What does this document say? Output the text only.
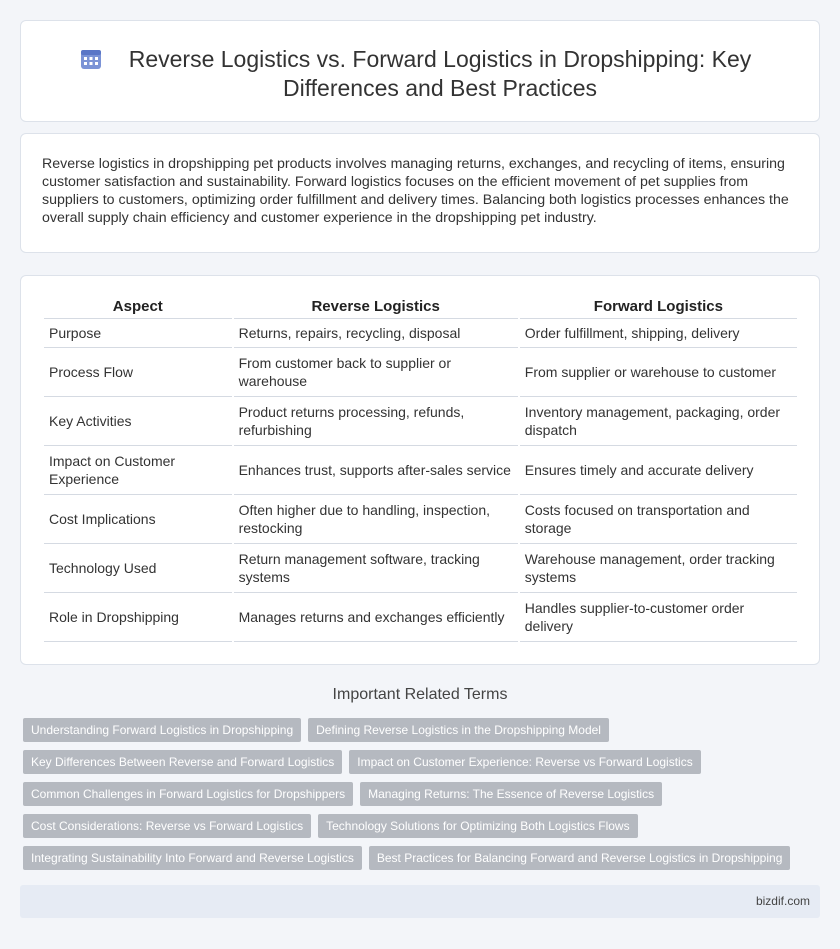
Reverse Logistics vs. Forward Logistics in Dropshipping: Key Differences and Best Practices

Reverse logistics in dropshipping pet products involves managing returns, exchanges, and recycling of items, ensuring customer satisfaction and sustainability. Forward logistics focuses on the efficient movement of pet supplies from suppliers to customers, optimizing order fulfillment and delivery times. Balancing both logistics processes enhances the overall supply chain efficiency and customer experience in the dropshipping pet industry.

Aspect	Reverse Logistics	Forward Logistics
Purpose	Returns, repairs, recycling, disposal	Order fulfillment, shipping, delivery
Process Flow	From customer back to supplier or warehouse	From supplier or warehouse to customer
Key Activities	Product returns processing, refunds, refurbishing	Inventory management, packaging, order dispatch
Impact on Customer Experience	Enhances trust, supports after-sales service	Ensures timely and accurate delivery
Cost Implications	Often higher due to handling, inspection, restocking	Costs focused on transportation and storage
Technology Used	Return management software, tracking systems	Warehouse management, order tracking systems
Role in Dropshipping	Manages returns and exchanges efficiently	Handles supplier-to-customer order delivery
Important Related Terms
Understanding Forward Logistics in Dropshipping	Defining Reverse Logistics in the Dropshipping Model
Key Differences Between Reverse and Forward Logistics	Impact on Customer Experience: Reverse vs Forward Logistics
Common Challenges in Forward Logistics for Dropshippers	Managing Returns: The Essence of Reverse Logistics
Cost Considerations: Reverse vs Forward Logistics	Technology Solutions for Optimizing Both Logistics Flows
Integrating Sustainability Into Forward and Reverse Logistics	Best Practices for Balancing Forward and Reverse Logistics in Dropshipping
bizdif.com
